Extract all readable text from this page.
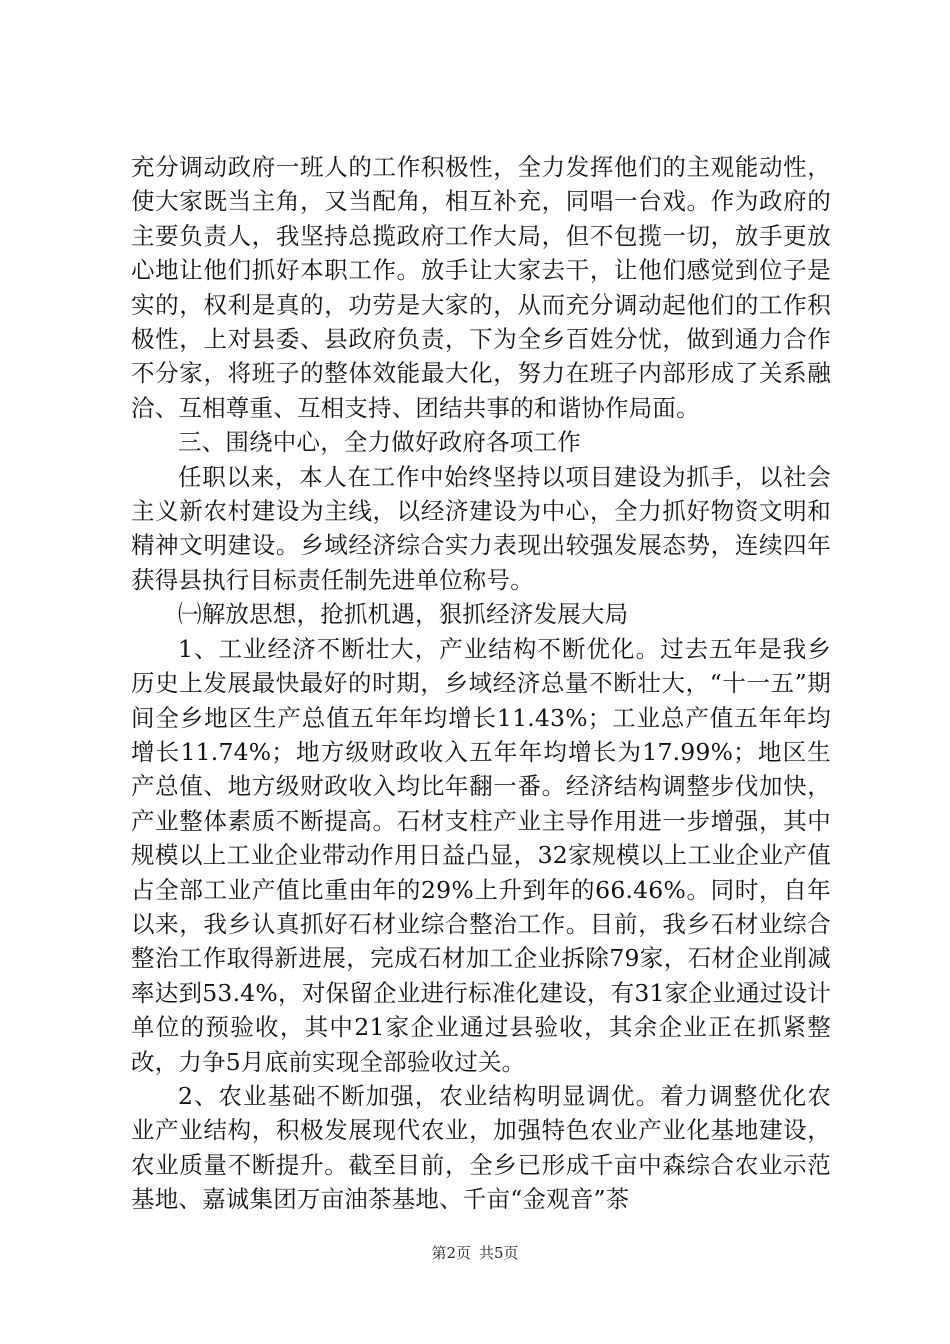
充分调动政府一班人的工作积极性，全力发挥他们的主观能动性，使大家既当主角，又当配角，相互补充，同唱一台戏。作为政府的主要负责人，我坚持总揽政府工作大局，但不包揽一切，放手更放心地让他们抓好本职工作。放手让大家去干，让他们感觉到位子是实的，权利是真的，功劳是大家的，从而充分调动起他们的工作积极性，上对县委、县政府负责，下为全乡百姓分忧，做到通力合作不分家，将班子的整体效能最大化，努力在班子内部形成了关系融洽、互相尊重、互相支持、团结共事的和谐协作局面。

三、围绕中心，全力做好政府各项工作

任职以来，本人在工作中始终坚持以项目建设为抓手，以社会主义新农村建设为主线，以经济建设为中心，全力抓好物资文明和精神文明建设。乡域经济综合实力表现出较强发展态势，连续四年获得县执行目标责任制先进单位称号。

㈠解放思想，抢抓机遇，狠抓经济发展大局

1、工业经济不断壮大，产业结构不断优化。过去五年是我乡历史上发展最快最好的时期，乡域经济总量不断壮大，“十一五”期间全乡地区生产总值五年年均增长11.43%；工业总产值五年年均增长11.74%；地方级财政收入五年年均增长为17.99%；地区生产总值、地方级财政收入均比年翻一番。经济结构调整步伐加快，产业整体素质不断提高。石材支柱产业主导作用进一步增强，其中规模以上工业企业带动作用日益凸显，32家规模以上工业企业产值占全部工业产值比重由年的29%上升到年的66.46%。同时，自年以来，我乡认真抓好石材业综合整治工作。目前，我乡石材业综合整治工作取得新进展，完成石材加工企业拆除79家，石材企业削减率达到53.4%，对保留企业进行标准化建设，有31家企业通过设计单位的预验收，其中21家企业通过县验收，其余企业正在抓紧整改，力争5月底前实现全部验收过关。

2、农业基础不断加强，农业结构明显调优。着力调整优化农业产业结构，积极发展现代农业，加强特色农业产业化基地建设，农业质量不断提升。截至目前，全乡已形成千亩中森综合农业示范基地、嘉诚集团万亩油茶基地、千亩“金观音”茶

第2页 共5页
